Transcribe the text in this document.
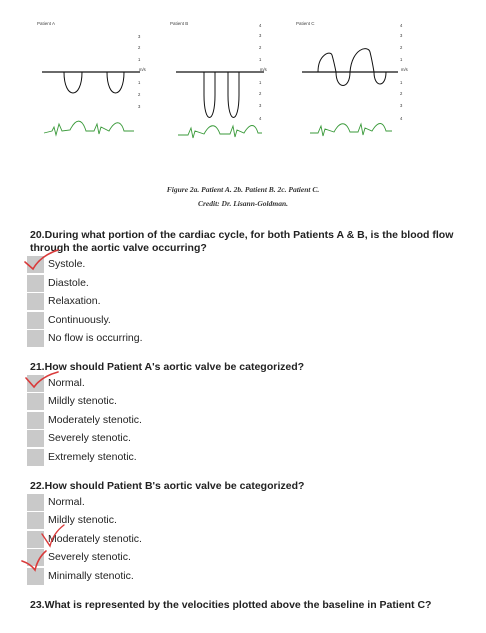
Patient A
3
2
1
m/s
1
2
3
Patient B	4
3
2
1
m/s
1
2
3
4
Patient C	4
3
2
1
m/s
1
2
3
4
Figure 2a. Patient A. 2b. Patient B. 2c. Patient C.
Credit: Dr. Lisann-Goldman.
20.During what portion of the cardiac cycle, for both Patients A & B, is the blood flow through the aortic valve occurring?
Systole.
Diastole.
Relaxation.
Continuously.
No flow is occurring.
21.How should Patient A's aortic valve be categorized?
Normal.
Mildly stenotic.
Moderately stenotic.
Severely stenotic.
Extremely stenotic.
22.How should Patient B's aortic valve be categorized?
Normal.
Mildly stenotic.
Moderately stenotic.
Severely stenotic.
Minimally stenotic.
23.What is represented by the velocities plotted above the baseline in Patient C?
